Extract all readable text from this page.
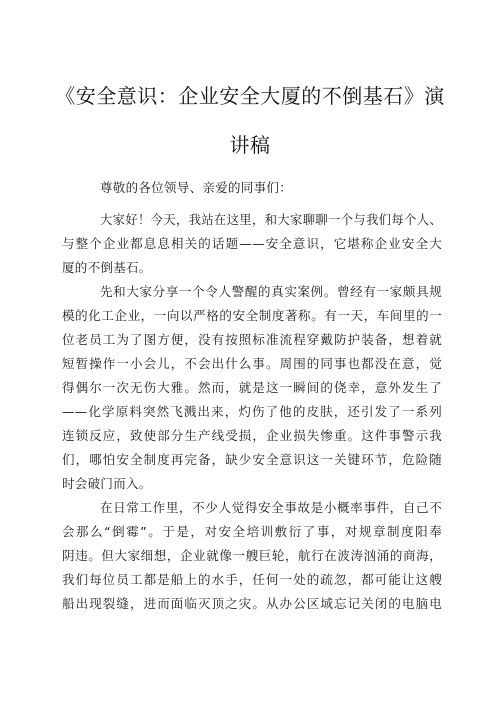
《安全意识：企业安全大厦的不倒基石》演
讲稿
尊敬的各位领导、亲爱的同事们：
大家好！今天，我站在这里，和大家聊聊一个与我们每个人、
与整个企业都息息相关的话题——安全意识，它堪称企业安全大
厦的不倒基石。
先和大家分享一个令人警醒的真实案例。曾经有一家颇具规
模的化工企业，一向以严格的安全制度著称。有一天，车间里的一
位老员工为了图方便，没有按照标准流程穿戴防护装备，想着就
短暂操作一小会儿，不会出什么事。周围的同事也都没在意，觉
得偶尔一次无伤大雅。然而，就是这一瞬间的侥幸，意外发生了
——化学原料突然飞溅出来，灼伤了他的皮肤，还引发了一系列
连锁反应，致使部分生产线受损，企业损失惨重。这件事警示我
们，哪怕安全制度再完备，缺少安全意识这一关键环节，危险随
时会破门而入。
在日常工作里，不少人觉得安全事故是小概率事件，自己不
会那么“倒霉”。于是，对安全培训敷衍了事，对规章制度阳奉
阴违。但大家细想，企业就像一艘巨轮，航行在波涛汹涌的商海，
我们每位员工都是船上的水手，任何一处的疏忽，都可能让这艘
船出现裂缝，进而面临灭顶之灾。从办公区域忘记关闭的电脑电
